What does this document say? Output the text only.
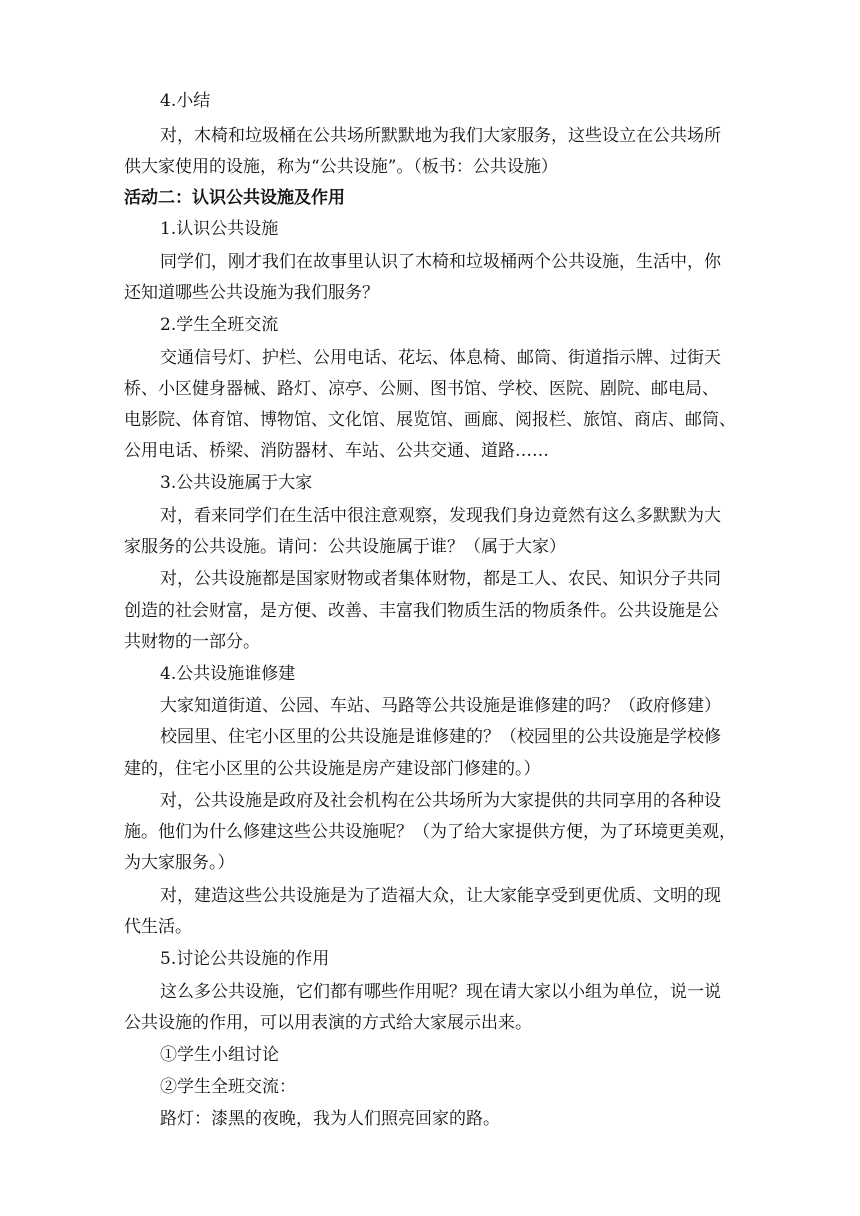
4.小结
对，木椅和垃圾桶在公共场所默默地为我们大家服务，这些设立在公共场所
供大家使用的设施，称为“公共设施”。（板书：公共设施）
活动二：认识公共设施及作用
1.认识公共设施
同学们，刚才我们在故事里认识了木椅和垃圾桶两个公共设施，生活中，你
还知道哪些公共设施为我们服务？
2.学生全班交流
交通信号灯、护栏、公用电话、花坛、体息椅、邮筒、街道指示牌、过街天
桥、小区健身器械、路灯、凉亭、公厕、图书馆、学校、医院、剧院、邮电局、
电影院、体育馆、博物馆、文化馆、展览馆、画廊、阅报栏、旅馆、商店、邮筒、
公用电话、桥梁、消防器材、车站、公共交通、道路……
3.公共设施属于大家
对，看来同学们在生活中很注意观察，发现我们身边竟然有这么多默默为大
家服务的公共设施。请问：公共设施属于谁？（属于大家）
对，公共设施都是国家财物或者集体财物，都是工人、农民、知识分子共同
创造的社会财富，是方便、改善、丰富我们物质生活的物质条件。公共设施是公
共财物的一部分。
4.公共设施谁修建
大家知道街道、公园、车站、马路等公共设施是谁修建的吗？（政府修建）
校园里、住宅小区里的公共设施是谁修建的？（校园里的公共设施是学校修
建的，住宅小区里的公共设施是房产建设部门修建的。）
对，公共设施是政府及社会机构在公共场所为大家提供的共同享用的各种设
施。他们为什么修建这些公共设施呢？（为了给大家提供方便，为了环境更美观，
为大家服务。）
对，建造这些公共设施是为了造福大众，让大家能享受到更优质、文明的现
代生活。
5.讨论公共设施的作用
这么多公共设施，它们都有哪些作用呢？现在请大家以小组为单位，说一说
公共设施的作用，可以用表演的方式给大家展示出来。
①学生小组讨论
②学生全班交流：
路灯：漆黑的夜晚，我为人们照亮回家的路。
